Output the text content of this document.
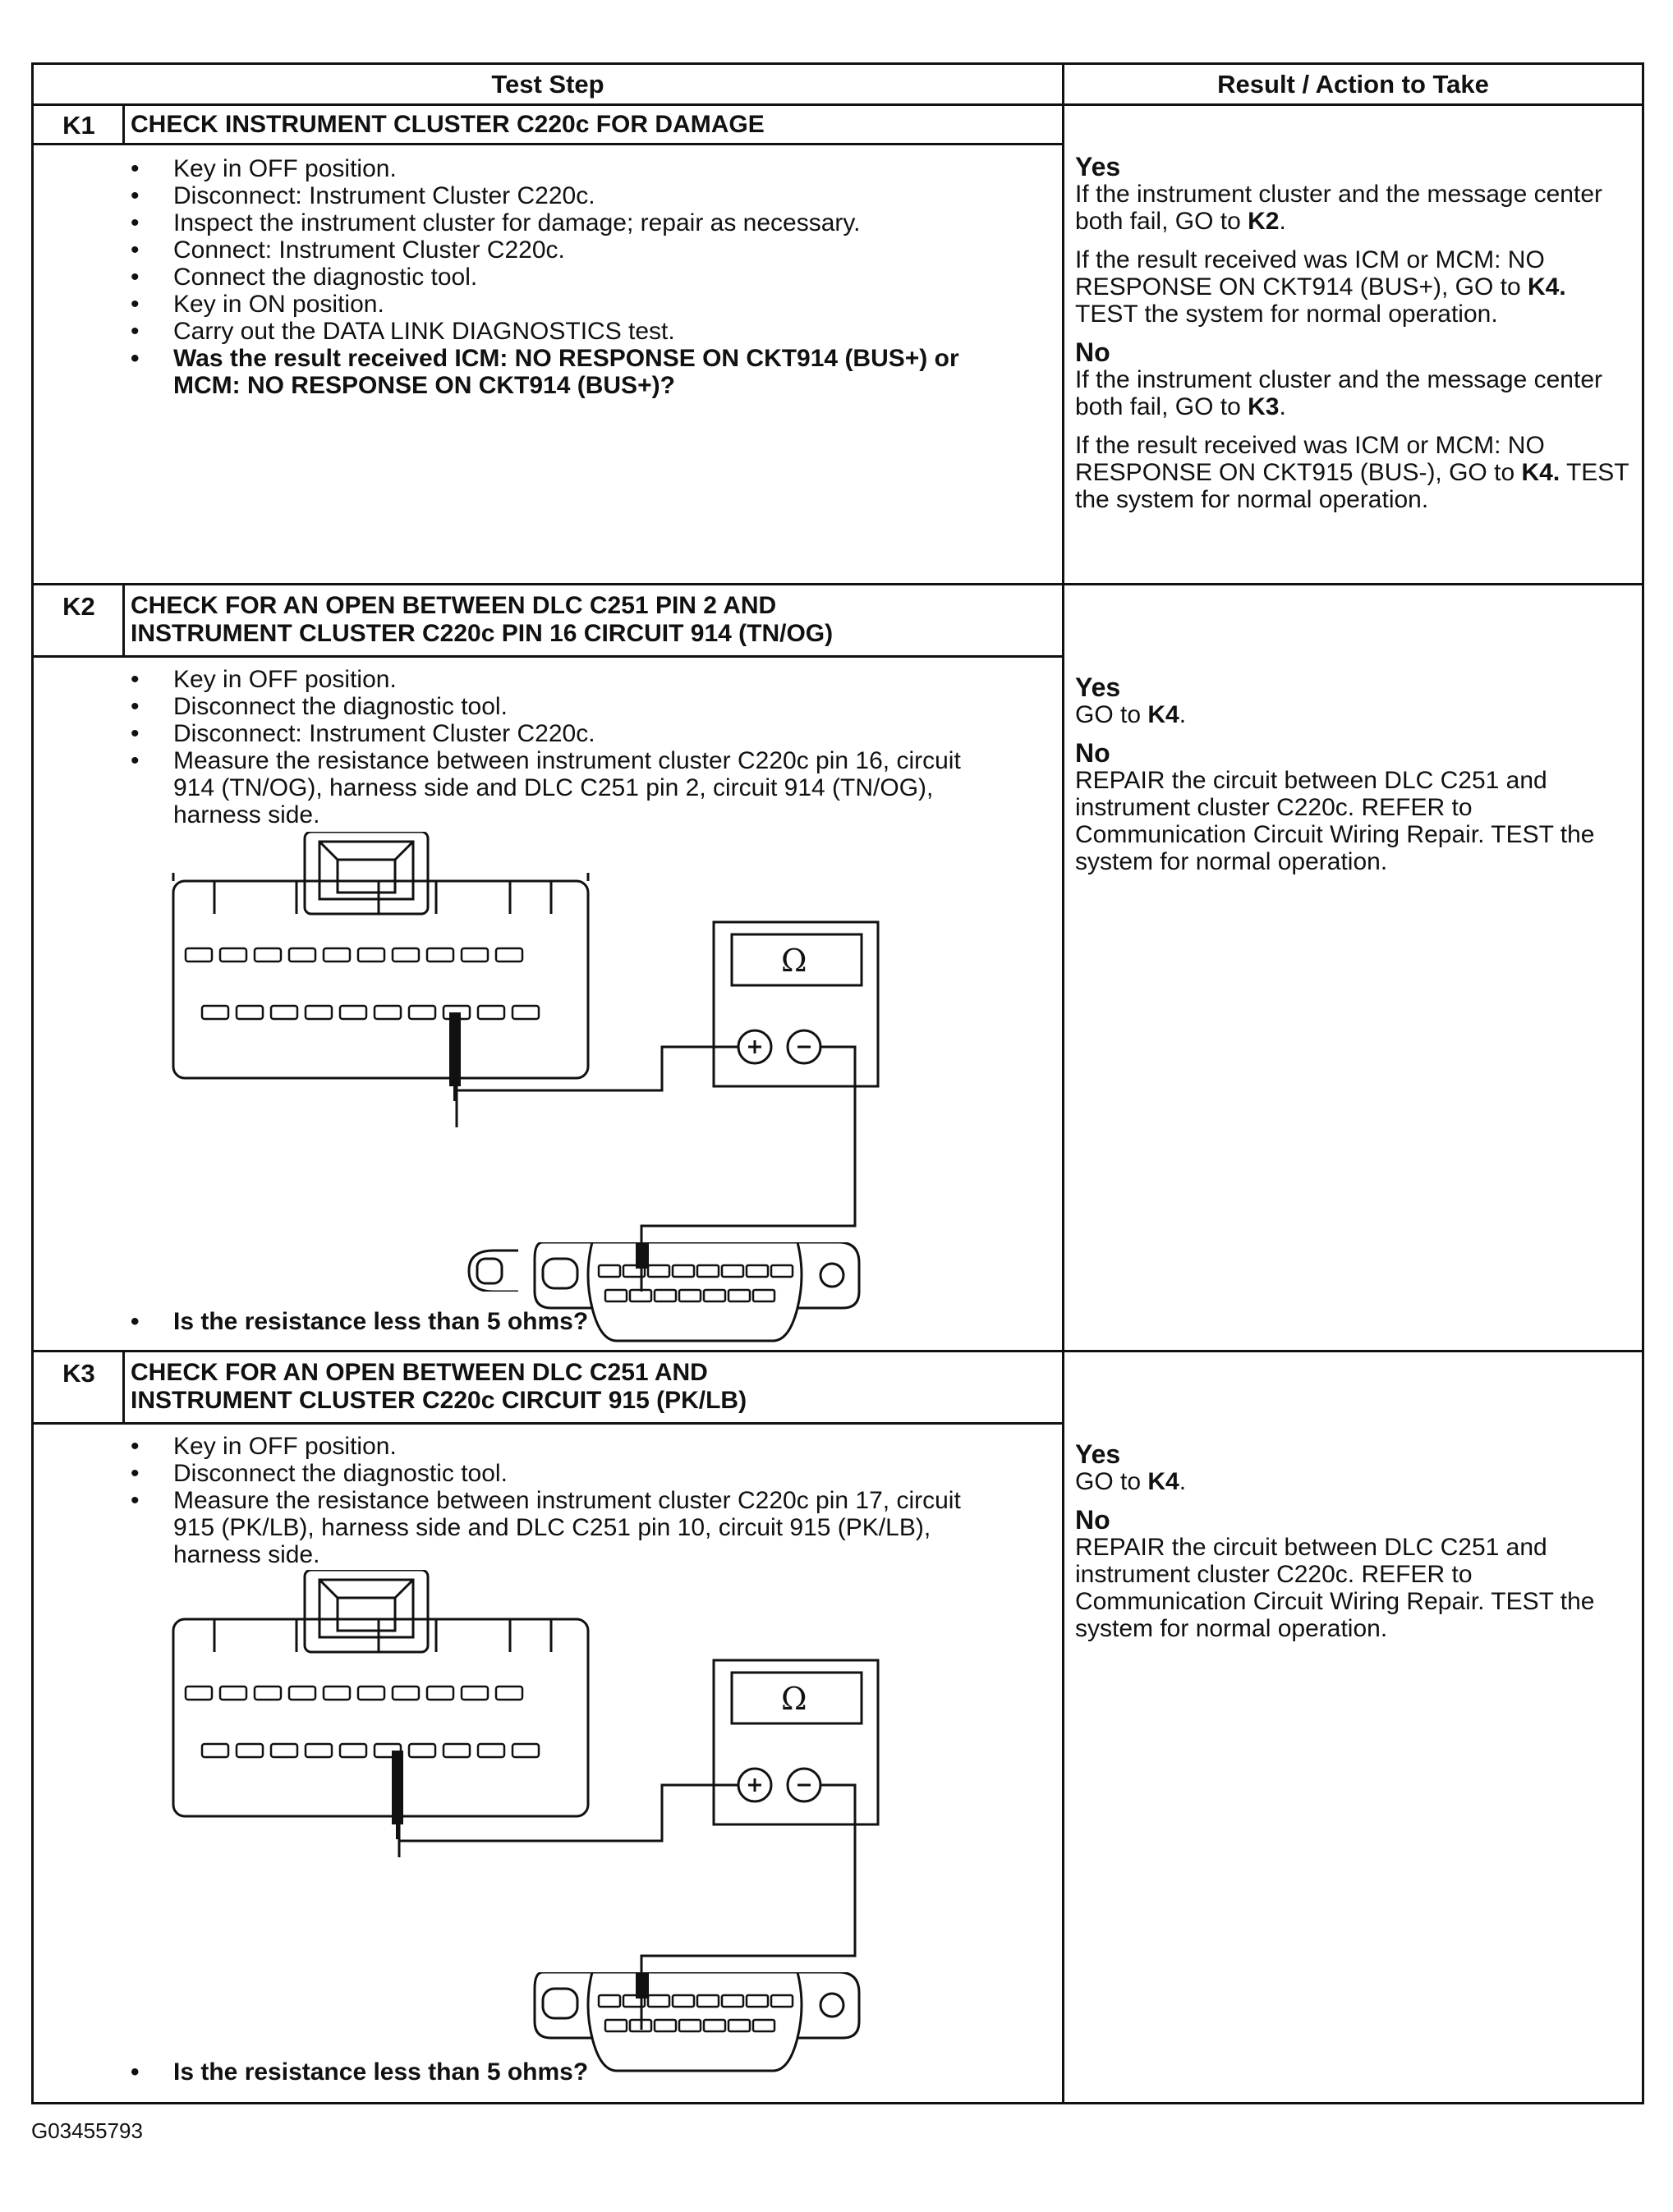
Test Step	Result / Action to Take
K1	CHECK INSTRUMENT CLUSTER C220c FOR DAMAGE
• Key in OFF position.
• Disconnect: Instrument Cluster C220c.
• Inspect the instrument cluster for damage; repair as necessary.
• Connect: Instrument Cluster C220c.
• Connect the diagnostic tool.
• Key in ON position.
• Carry out the DATA LINK DIAGNOSTICS test.
• Was the result received ICM: NO RESPONSE ON CKT914 (BUS+) or MCM: NO RESPONSE ON CKT914 (BUS+)?
Yes

If the instrument cluster and the message center both fail, GO to K2.

If the result received was ICM or MCM: NO RESPONSE ON CKT914 (BUS+), GO to K4. TEST the system for normal operation.

No

If the instrument cluster and the message center both fail, GO to K3.

If the result received was ICM or MCM: NO RESPONSE ON CKT915 (BUS-), GO to K4. TEST the system for normal operation.

K2	CHECK FOR AN OPEN BETWEEN DLC C251 PIN 2 AND
INSTRUMENT CLUSTER C220c PIN 16 CIRCUIT 914 (TN/OG)
• Key in OFF position.
• Disconnect the diagnostic tool.
• Disconnect: Instrument Cluster C220c.
• Measure the resistance between instrument cluster C220c pin 16, circuit 914 (TN/OG), harness side and DLC C251 pin 2, circuit 914 (TN/OG), harness side.
Ω
• Is the resistance less than 5 ohms?
Yes

GO to K4.

No

REPAIR the circuit between DLC C251 and instrument cluster C220c. REFER to Communication Circuit Wiring Repair. TEST the system for normal operation.

K3	CHECK FOR AN OPEN BETWEEN DLC C251 AND
INSTRUMENT CLUSTER C220c CIRCUIT 915 (PK/LB)
• Key in OFF position.
• Disconnect the diagnostic tool.
• Measure the resistance between instrument cluster C220c pin 17, circuit 915 (PK/LB), harness side and DLC C251 pin 10, circuit 915 (PK/LB), harness side.
Ω
• Is the resistance less than 5 ohms?
Yes

GO to K4.

No

REPAIR the circuit between DLC C251 and instrument cluster C220c. REFER to Communication Circuit Wiring Repair. TEST the system for normal operation.

G03455793
